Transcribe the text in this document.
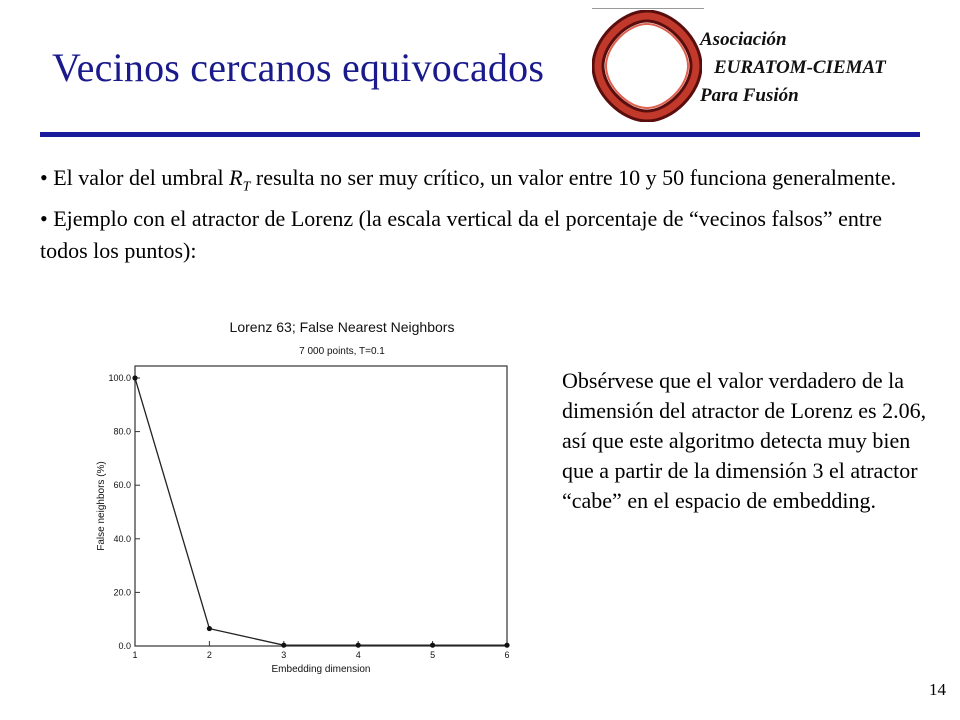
Vecinos cercanos equivocados
Asociación
EURATOM-CIEMAT
Para Fusión

• El valor del umbral $R_T$ resulta no ser muy crítico, un valor entre 10 y 50 funciona generalmente.

• Ejemplo con el atractor de Lorenz (la escala vertical da el porcentaje de “vecinos falsos” entre todos los puntos):

Lorenz 63; False Nearest Neighbors
7 000 points, T=0.1
0.0
20.0
40.0
60.0
80.0
100.0
1	2	3	4	5	6
Embedding dimension
False neighbors (%)

Obsérvese que el valor verdadero de la dimensión del atractor de Lorenz es 2.06, así que este algoritmo detecta muy bien que a partir de la dimensión 3 el atractor “cabe” en el espacio de embedding.

14
